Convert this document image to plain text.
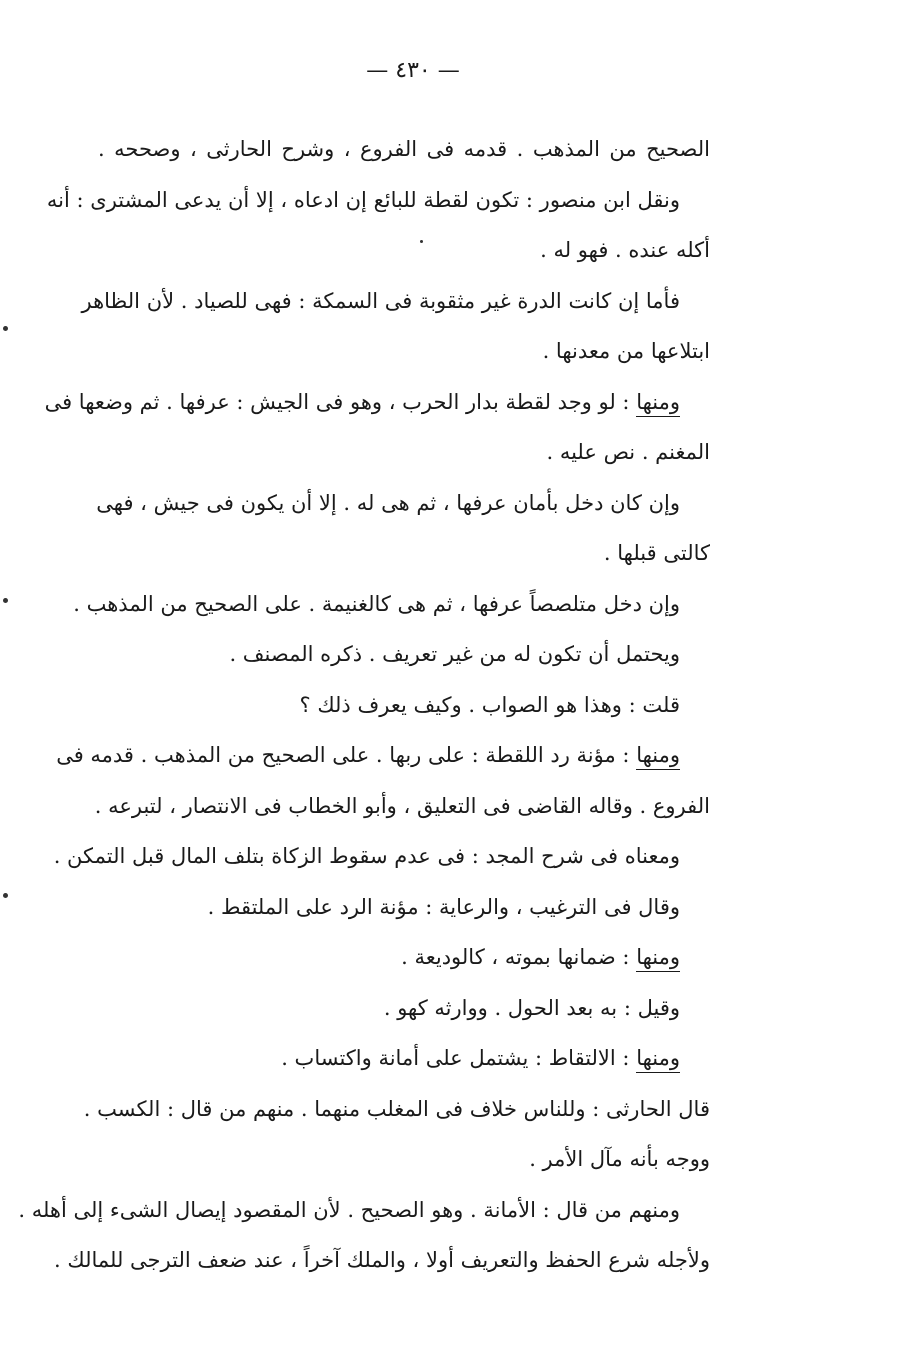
— ٤٣٠ —
الصحيح من المذهب . قدمه فى الفروع ، وشرح الحارثى ، وصححه .
ونقل ابن منصور : تكون لقطة للبائع إن ادعاه ، إلا أن يدعى المشترى : أنه
أكله عنده . فهو له .
فأما إن كانت الدرة غير مثقوبة فى السمكة : فهى للصياد . لأن الظاهر
ابتلاعها من معدنها .
ومنها : لو وجد لقطة بدار الحرب ، وهو فى الجيش : عرفها . ثم وضعها فى
المغنم . نص عليه .
وإن كان دخل بأمان عرفها ، ثم هى له . إلا أن يكون فى جيش ، فهى
كالتى قبلها .
وإن دخل متلصصاً عرفها ، ثم هى كالغنيمة . على الصحيح من المذهب .
ويحتمل أن تكون له من غير تعريف . ذكره المصنف .
قلت : وهذا هو الصواب . وكيف يعرف ذلك ؟
ومنها : مؤنة رد اللقطة : على ربها . على الصحيح من المذهب . قدمه فى
الفروع . وقاله القاضى فى التعليق ، وأبو الخطاب فى الانتصار ، لتبرعه .
ومعناه فى شرح المجد : فى عدم سقوط الزكاة بتلف المال قبل التمكن .
وقال فى الترغيب ، والرعاية : مؤنة الرد على الملتقط .
ومنها : ضمانها بموته ، كالوديعة .
وقيل : به بعد الحول . ووارثه كهو .
ومنها : الالتقاط : يشتمل على أمانة واكتساب .
قال الحارثى : وللناس خلاف فى المغلب منهما . منهم من قال : الكسب .
ووجه بأنه مآل الأمر .
ومنهم من قال : الأمانة . وهو الصحيح . لأن المقصود إيصال الشىء إلى أهله .
ولأجله شرع الحفظ والتعريف أولا ، والملك آخراً ، عند ضعف الترجى للمالك .
